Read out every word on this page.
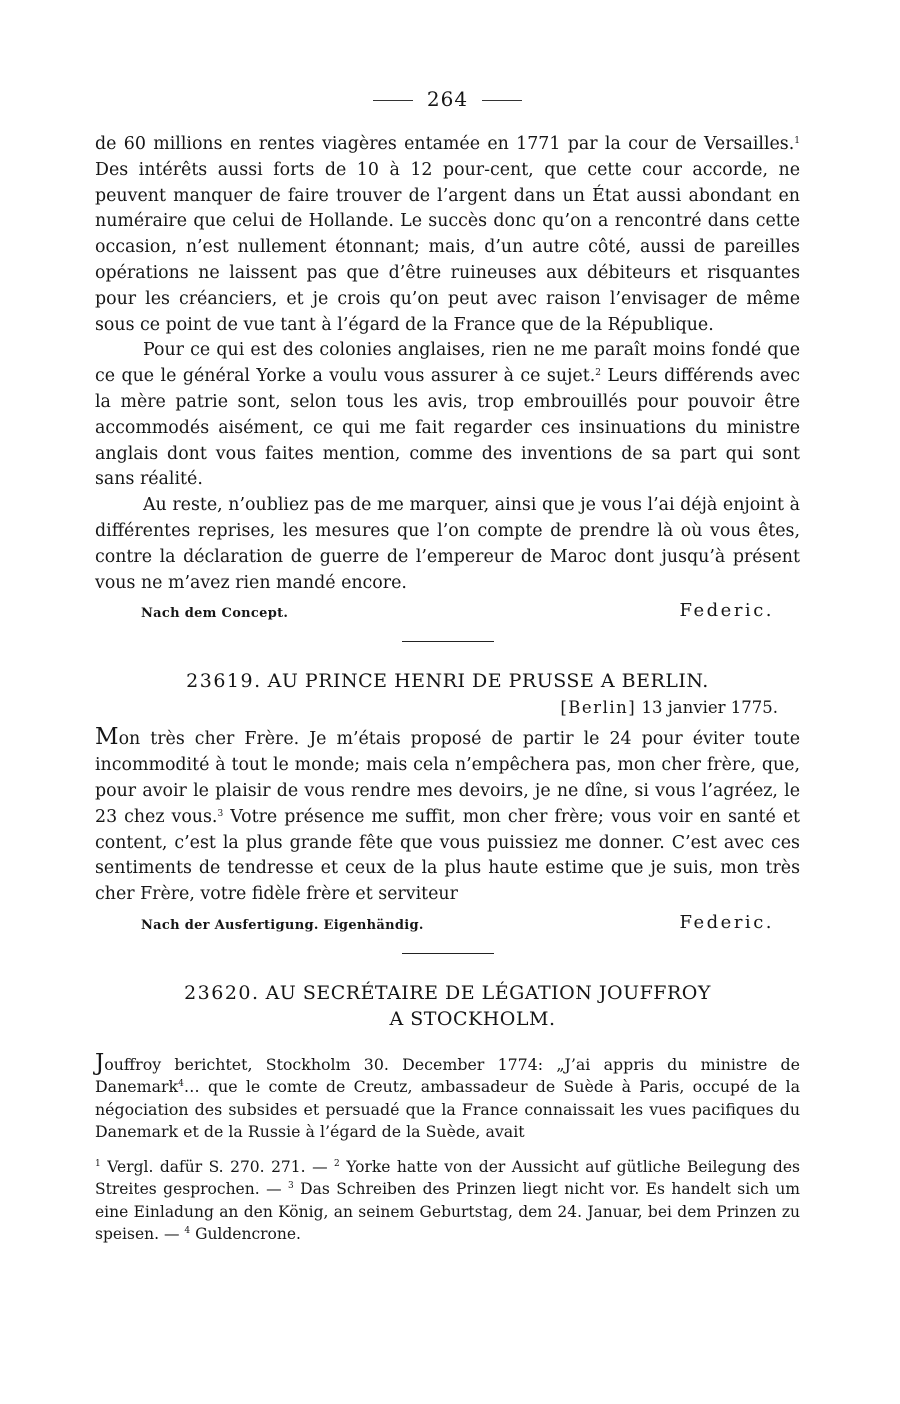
264

de 60 millions en rentes viagères entamée en 1771 par la cour de Versailles.$^1$ Des intérêts aussi forts de 10 à 12 pour-cent, que cette cour accorde, ne peuvent manquer de faire trouver de l’argent dans un État aussi abondant en numéraire que celui de Hollande. Le succès donc qu’on a rencontré dans cette occasion, n’est nullement étonnant; mais, d’un autre côté, aussi de pareilles opérations ne laissent pas que d’être ruineuses aux débiteurs et risquantes pour les créanciers, et je crois qu’on peut avec raison l’envisager de même sous ce point de vue tant à l’égard de la France que de la République.

Pour ce qui est des colonies anglaises, rien ne me paraît moins fondé que ce que le général Yorke a voulu vous assurer à ce sujet.$^2$ Leurs différends avec la mère patrie sont, selon tous les avis, trop embrouillés pour pouvoir être accommodés aisément, ce qui me fait regarder ces insinuations du ministre anglais dont vous faites mention, comme des inventions de sa part qui sont sans réalité.

Au reste, n’oubliez pas de me marquer, ainsi que je vous l’ai déjà enjoint à différentes reprises, les mesures que l’on compte de prendre là où vous êtes, contre la déclaration de guerre de l’empereur de Maroc dont jusqu’à présent vous ne m’avez rien mandé encore.

Nach dem Concept.	Federic.
23619. AU PRINCE HENRI DE PRUSSE A BERLIN.
[Berlin] 13 janvier 1775.

Mon très cher Frère. Je m’étais proposé de partir le 24 pour éviter toute incommodité à tout le monde; mais cela n’empêchera pas, mon cher frère, que, pour avoir le plaisir de vous rendre mes devoirs, je ne dîne, si vous l’agréez, le 23 chez vous.$^3$ Votre présence me suffit, mon cher frère; vous voir en santé et content, c’est la plus grande fête que vous puissiez me donner. C’est avec ces sentiments de tendresse et ceux de la plus haute estime que je suis, mon très cher Frère, votre fidèle frère et serviteur

Nach der Ausfertigung. Eigenhändig.	Federic.
23620. AU SECRÉTAIRE DE LÉGATION JOUFFROY
A STOCKHOLM.

Jouffroy berichtet, Stockholm 30. December 1774: „J’ai appris du ministre de Danemark$^4$… que le comte de Creutz, ambassadeur de Suède à Paris, occupé de la négociation des subsides et persuadé que la France connaissait les vues pacifiques du Danemark et de la Russie à l’égard de la Suède, avait

$^1$ Vergl. dafür S. 270. 271. — $^2$ Yorke hatte von der Aussicht auf gütliche Beilegung des Streites gesprochen. — $^3$ Das Schreiben des Prinzen liegt nicht vor. Es handelt sich um eine Einladung an den König, an seinem Geburtstag, dem 24. Januar, bei dem Prinzen zu speisen. — $^4$ Guldencrone.
